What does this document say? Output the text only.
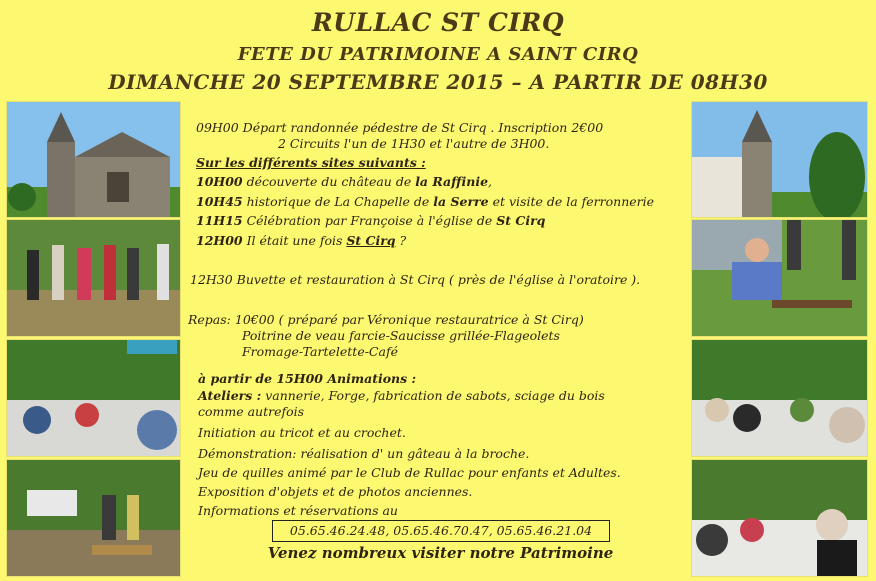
RULLAC ST CIRQ
FETE DU PATRIMOINE A SAINT CIRQ
DIMANCHE 20 SEPTEMBRE 2015 – A PARTIR DE 08H30
09H00 Départ randonnée pédestre de St Cirq . Inscription 2€00
2 Circuits l'un de 1H30 et l'autre de 3H00.
Sur les différents sites suivants :
10H00 découverte du château de la Raffinie,
10H45 historique de La Chapelle de la Serre et visite de la ferronnerie
11H15 Célébration par Françoise à l'église de St Cirq
12H00 Il était une fois St Cirq ?
12H30 Buvette et restauration à St Cirq ( près de l'église à l'oratoire ).
Repas: 10€00 ( préparé par Véronique restauratrice à St Cirq)
Poitrine de veau farcie-Saucisse grillée-Flageolets
Fromage-Tartelette-Café
à partir de 15H00 Animations :
Ateliers : vannerie, Forge, fabrication de sabots, sciage du bois
comme autrefois
Initiation au tricot et au crochet.
Démonstration: réalisation d' un gâteau à la broche.
Jeu de quilles animé par le Club de Rullac pour enfants et Adultes.
Exposition d'objets et de photos anciennes.
Informations et réservations au
05.65.46.24.48, 05.65.46.70.47, 05.65.46.21.04
Venez nombreux visiter notre Patrimoine
